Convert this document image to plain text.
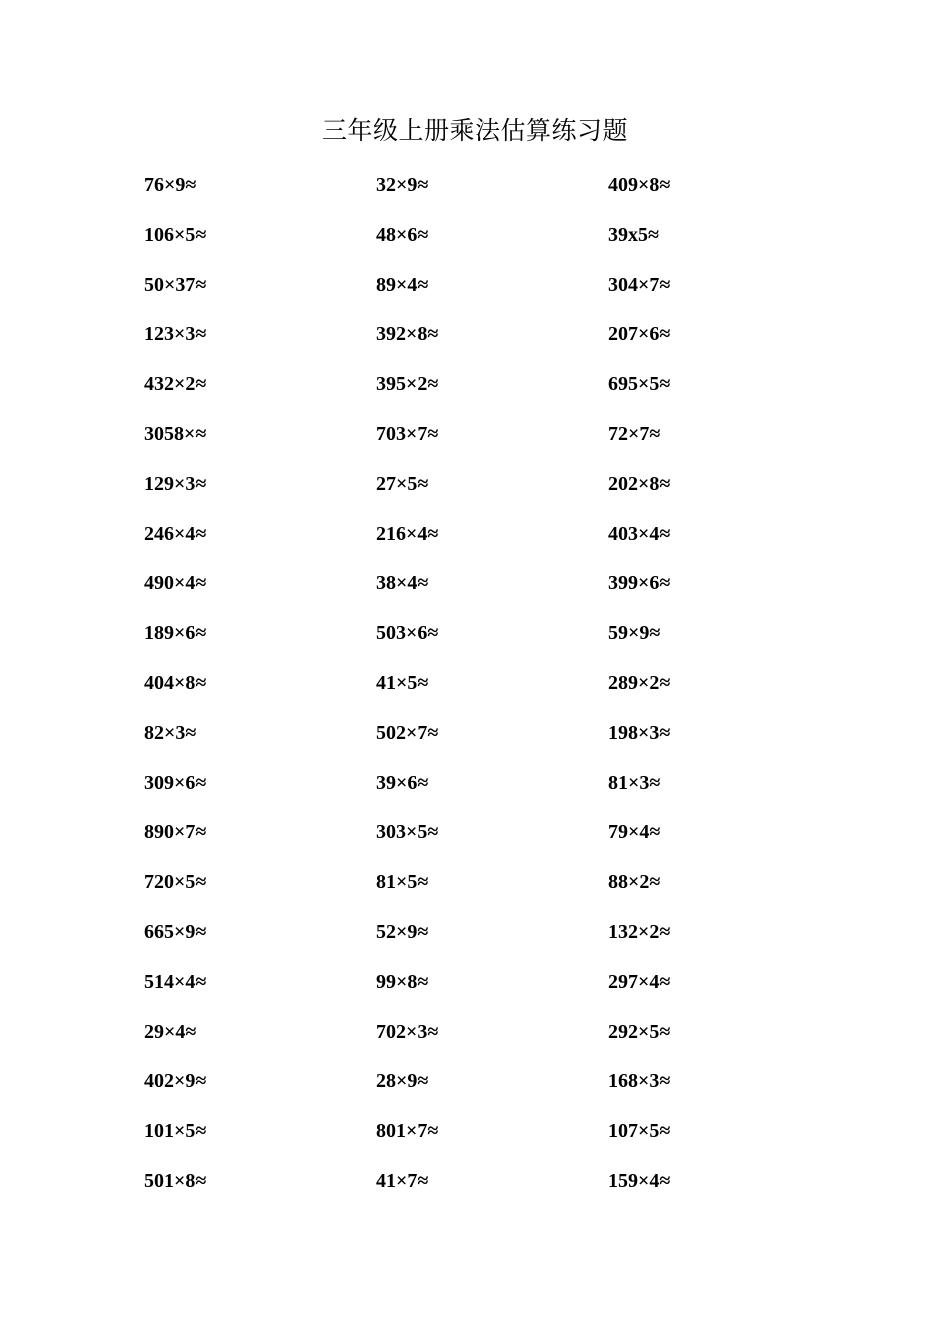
三年级上册乘法估算练习题
76×9≈	32×9≈	409×8≈
106×5≈	48×6≈	39x5≈
50×37≈	89×4≈	304×7≈
123×3≈	392×8≈	207×6≈
432×2≈	395×2≈	695×5≈
3058×≈	703×7≈	72×7≈
129×3≈	27×5≈	202×8≈
246×4≈	216×4≈	403×4≈
490×4≈	38×4≈	399×6≈
189×6≈	503×6≈	59×9≈
404×8≈	41×5≈	289×2≈
82×3≈	502×7≈	198×3≈
309×6≈	39×6≈	81×3≈
890×7≈	303×5≈	79×4≈
720×5≈	81×5≈	88×2≈
665×9≈	52×9≈	132×2≈
514×4≈	99×8≈	297×4≈
29×4≈	702×3≈	292×5≈
402×9≈	28×9≈	168×3≈
101×5≈	801×7≈	107×5≈
501×8≈	41×7≈	159×4≈
